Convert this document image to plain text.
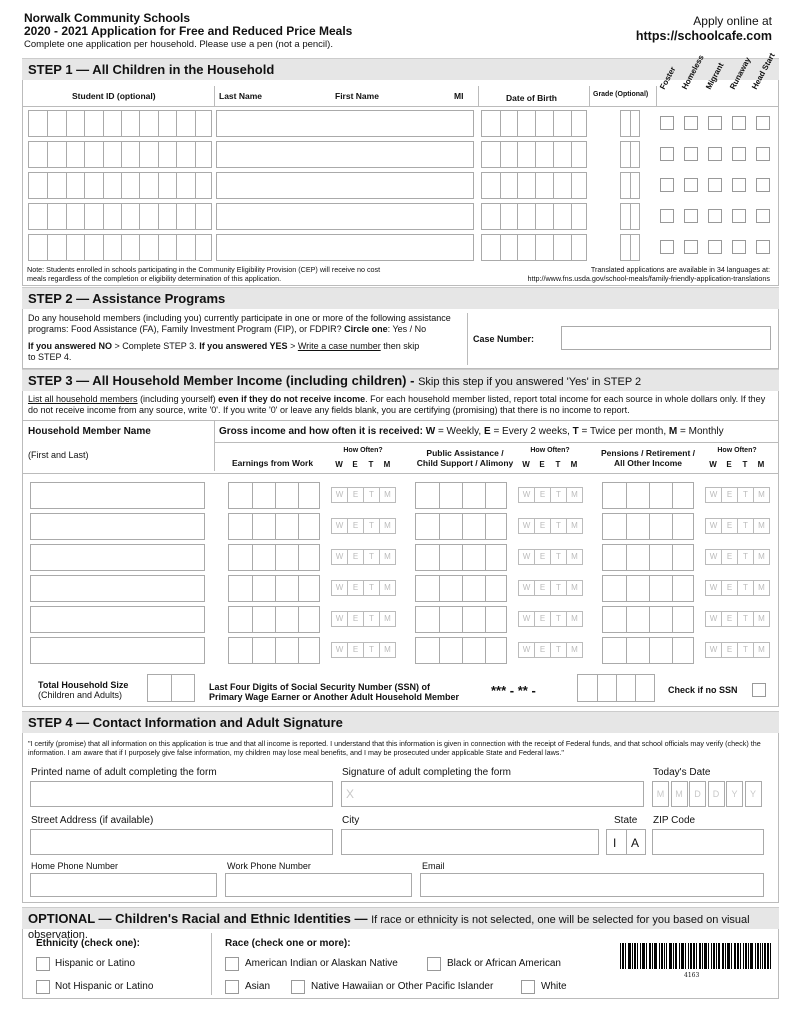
Norwalk Community Schools
2020 - 2021 Application for Free and Reduced Price Meals
Complete one application per household. Please use a pen (not a pencil).
Apply online at
https://schoolcafe.com
STEP 1 — All Children in the Household
Student ID (optional)	Last Name	First Name	MI	Date of Birth	Grade (Optional)
Foster Homeless
Migrant Runaway
Head Start
Note: Students enrolled in schools participating in the Community Eligibility Provision (CEP) will receive no cost meals regardless of the completion or eligibility determination of this application.
Translated applications are available in 34 languages at:
http://www.fns.usda.gov/school-meals/family-friendly-application-translations
STEP 2 — Assistance Programs
Do any household members (including you) currently participate in one or more of the following assistance programs: Food Assistance (FA), Family Investment Program (FIP), or FDPIR? Circle one: Yes / No
If you answered NO > Complete STEP 3. If you answered YES > Write a case number then skip to STEP 4.
Case Number:
STEP 3 — All Household Member Income (including children) - Skip this step if you answered 'Yes' in STEP 2
List all household members (including yourself) even if they do not receive income. For each household member listed, report total income for each source in whole dollars only. If they do not receive income from any source, write '0'. If you write '0' or leave any fields blank, you are certifying (promising) that there is no income to report.
Household Member Name
(First and Last)
Gross income and how often it is received: W = Weekly, E = Every 2 weeks, T = Twice per month, M = Monthly
Earnings from Work
Public Assistance / Child Support / Alimony
Pensions / Retirement / All Other Income
How Often?
W	E	T	M
How Often?
W	E	T	M
How Often?
W	E	T	M
W	E	T	M	W	E	T	M	W	E	T	M
W	E	T	M	W	E	T	M	W	E	T	M
W	E	T	M	W	E	T	M	W	E	T	M
W	E	T	M	W	E	T	M	W	E	T	M
W	E	T	M	W	E	T	M	W	E	T	M
W	E	T	M	W	E	T	M	W	E	T	M
Total Household Size
(Children and Adults)
Last Four Digits of Social Security Number (SSN) of
Primary Wage Earner or Another Adult Household Member *** - ** -	Check if no SSN
STEP 4 — Contact Information and Adult Signature
"I certify (promise) that all information on this application is true and that all income is reported. I understand that this information is given in connection with the receipt of Federal funds, and that school officials may verify (check) the information. I am aware that if I purposely give false information, my children may lose meal benefits, and I may be prosecuted under applicable State and Federal laws."
Printed name of adult completing the form	Signature of adult completing the form
X
Today's Date
M	M	D	D	Y	Y
Street Address (if available)	City	State
I A
ZIP Code
Home Phone Number	Work Phone Number	Email
OPTIONAL — Children's Racial and Ethnic Identities — If race or ethnicity is not selected, one will be selected for you based on visual observation.
Ethnicity (check one):
Hispanic or Latino
Not Hispanic or Latino
Race (check one or more):
American Indian or Alaskan Native	Black or African American
Asian	Native Hawaiian or Other Pacific Islander	White
4163
